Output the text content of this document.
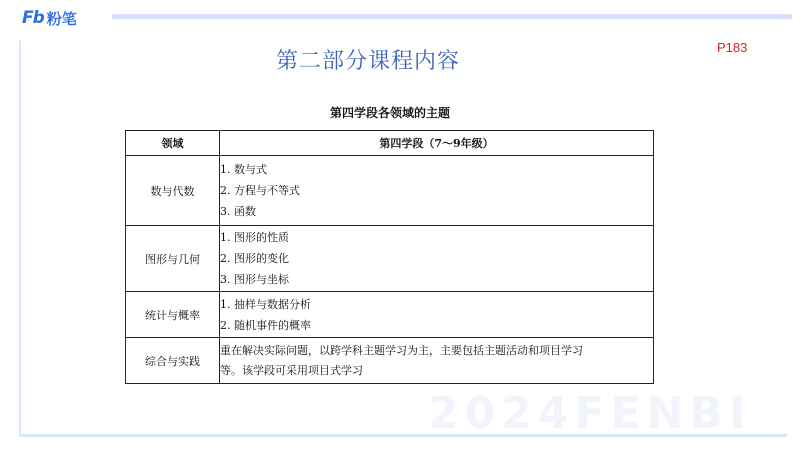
Fb 粉笔
2024FENBI
P183
第二部分课程内容
第四学段各领域的主题
领域	第四学段（7～9年级）
数与代数	1. 数与式
2. 方程与不等式
3. 函数

图形与几何	1. 图形的性质
2. 图形的变化
3. 图形与坐标

统计与概率	1. 抽样与数据分析
2. 随机事件的概率

综合与实践	重在解决实际问题，以跨学科主题学习为主，主要包括主题活动和项目学习
等。该学段可采用项目式学习
